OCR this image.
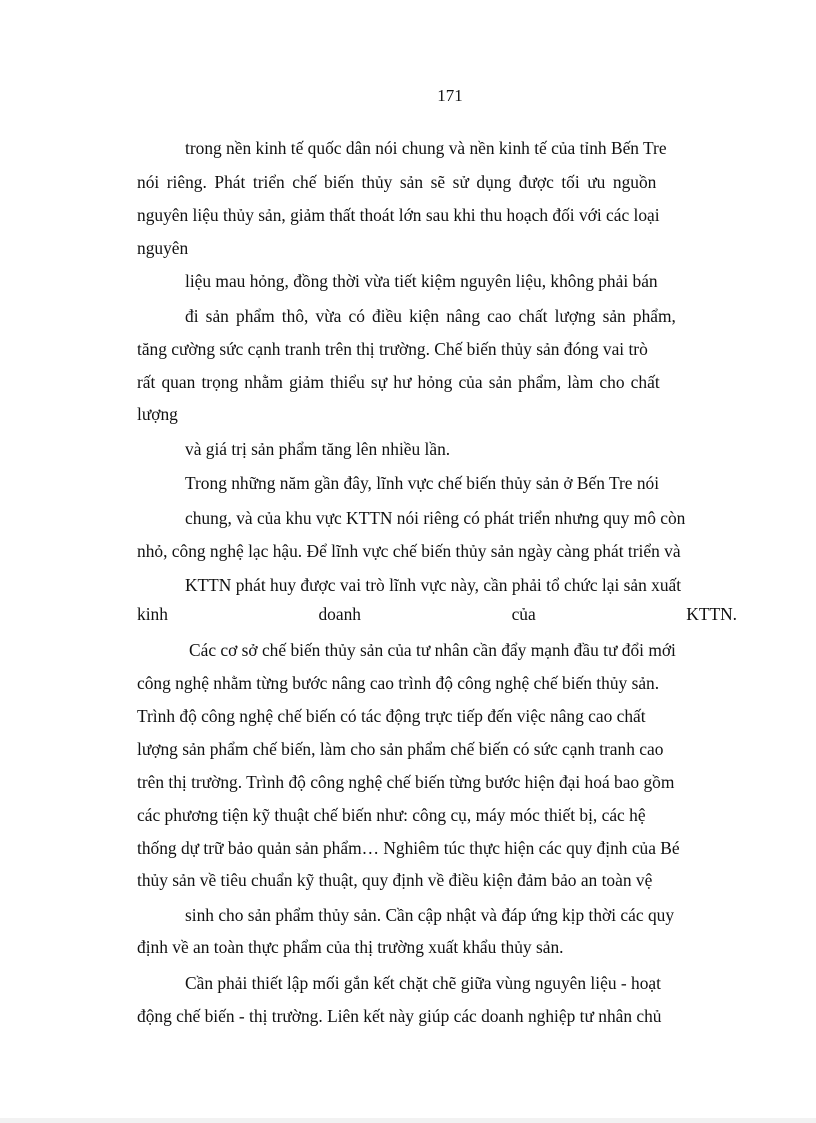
171
trong nền kinh tế quốc dân nói chung và nền kinh tế của tỉnh Bến Tre
nói riêng. Phát triển chế biến thủy sản sẽ sử dụng được tối ưu nguồn
nguyên liệu thủy sản, giảm thất thoát lớn sau khi thu hoạch đối với các loại
nguyên
liệu mau hỏng, đồng thời vừa tiết kiệm nguyên liệu, không phải bán
đi sản phẩm thô, vừa có điều kiện nâng cao chất lượng sản phẩm,
tăng cường sức cạnh tranh trên thị trường. Chế biến thủy sản đóng vai trò
rất quan trọng nhằm giảm thiểu sự hư hỏng của sản phẩm, làm cho chất
lượng
và giá trị sản phẩm tăng lên nhiều lần.
Trong những năm gần đây, lĩnh vực chế biến thủy sản ở Bến Tre nói
chung, và của khu vực KTTN nói riêng có phát triển nhưng quy mô còn
nhỏ, công nghệ lạc hậu. Để lĩnh vực chế biến thủy sản ngày càng phát triển và
KTTN phát huy được vai trò lĩnh vực này, cần phải tổ chức lại sản xuất
kinh	doanh	của	KTTN.
Các cơ sở chế biến thủy sản của tư nhân cần đẩy mạnh đầu tư đổi mới
công nghệ nhằm từng bước nâng cao trình độ công nghệ chế biến thủy sản.
Trình độ công nghệ chế biến có tác động trực tiếp đến việc nâng cao chất
lượng sản phẩm chế biến, làm cho sản phẩm chế biến có sức cạnh tranh cao
trên thị trường. Trình độ công nghệ chế biến từng bước hiện đại hoá bao gồm
các phương tiện kỹ thuật chế biến như: công cụ, máy móc thiết bị, các hệ
thống dự trữ bảo quản sản phẩm… Nghiêm túc thực hiện các quy định của Bé
thủy sản về tiêu chuẩn kỹ thuật, quy định về điều kiện đảm bảo an toàn vệ
sinh cho sản phẩm thủy sản. Cần cập nhật và đáp ứng kịp thời các quy
định về an toàn thực phẩm của thị trường xuất khẩu thủy sản.
Cần phải thiết lập mối gắn kết chặt chẽ giữa vùng nguyên liệu - hoạt
động chế biến - thị trường. Liên kết này giúp các doanh nghiệp tư nhân chủ
